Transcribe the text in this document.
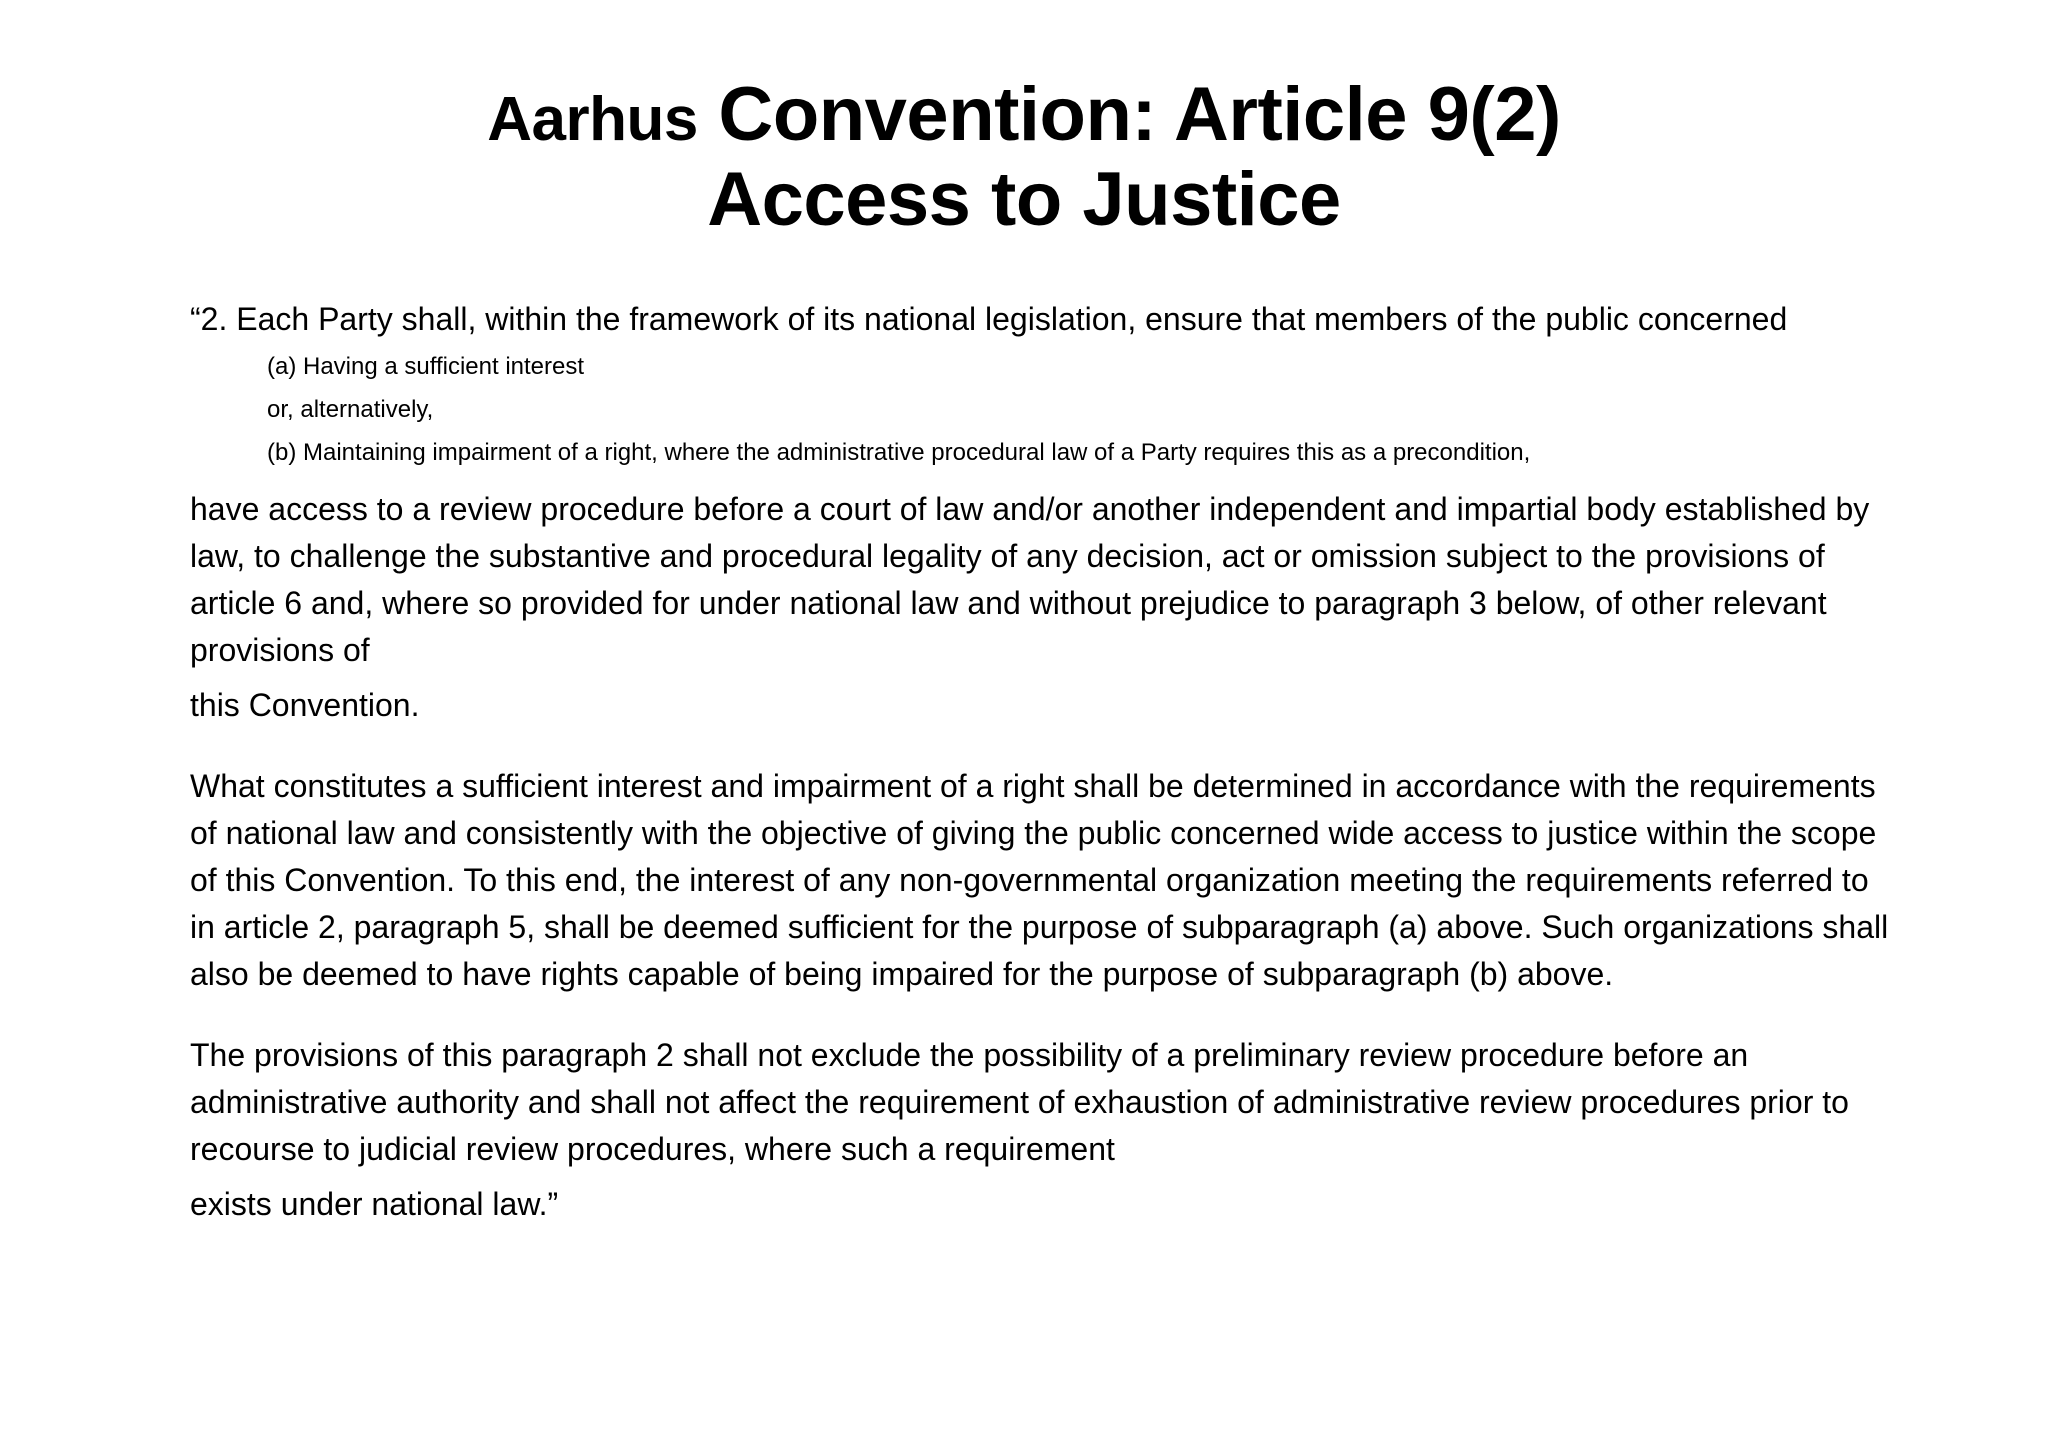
Aarhus Convention: Article 9(2)
Access to Justice

“2. Each Party shall, within the framework of its national legislation, ensure that members of the public concerned

(a) Having a sufficient interest

or, alternatively,

(b) Maintaining impairment of a right, where the administrative procedural law of a Party requires this as a precondition,

have access to a review procedure before a court of law and/or another independent and impartial body established by law, to challenge the substantive and procedural legality of any decision, act or omission subject to the provisions of article 6 and, where so provided for under national law and without prejudice to paragraph 3 below, of other relevant provisions of

this Convention.

What constitutes a sufficient interest and impairment of a right shall be determined in accordance with the requirements of national law and consistently with the objective of giving the public concerned wide access to justice within the scope of this Convention. To this end, the interest of any non-governmental organization meeting the requirements referred to in article 2, paragraph 5, shall be deemed sufficient for the purpose of subparagraph (a) above. Such organizations shall also be deemed to have rights capable of being impaired for the purpose of subparagraph (b) above.

The provisions of this paragraph 2 shall not exclude the possibility of a preliminary review procedure before an administrative authority and shall not affect the requirement of exhaustion of administrative review procedures prior to recourse to judicial review procedures, where such a requirement

exists under national law.”
